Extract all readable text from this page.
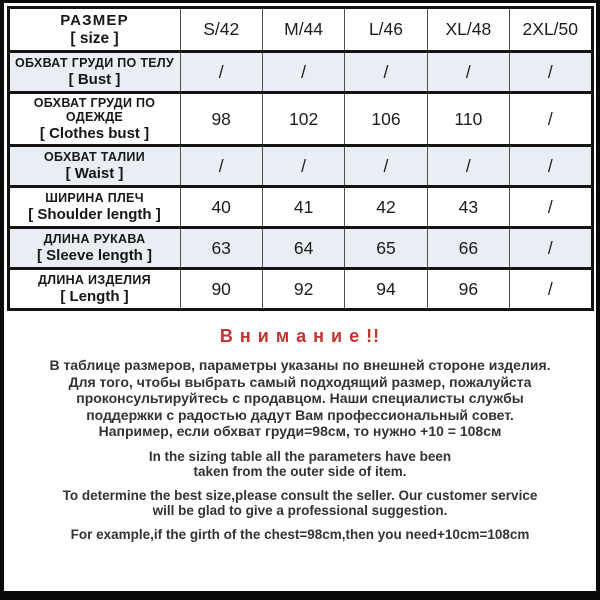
РАЗМЕР
[ size ]	S/42	M/44	L/46	XL/48	2XL/50

ОБХВАТ ГРУДИ ПО ТЕЛУ
[ Bust ]	/	/	/	/	/

ОБХВАТ ГРУДИ ПО ОДЕЖДЕ
[ Clothes bust ]	98	102	106	110	/

ОБХВАТ ТАЛИИ
[ Waist ]	/	/	/	/	/

ШИРИНА ПЛЕЧ
[ Shoulder length ]	40	41	42	43	/

ДЛИНА РУКАВА
[ Sleeve length ]	63	64	65	66	/

ДЛИНА ИЗДЕЛИЯ
[ Length ]	90	92	94	96	/
В н и м а н и е !!
В таблице размеров, параметры указаны по внешней стороне изделия.
Для того, чтобы выбрать самый подходящий размер, пожалуйста
проконсультируйтесь с продавцом. Наши специалисты службы
поддержки с радостью дадут Вам профессиональный совет.
Например, если обхват груди=98см, то нужно +10 = 108см
In the sizing table all the parameters have been
taken from the outer side of item.
To determine the best size,please consult the seller. Our customer service
will be glad to give a professional suggestion.
For example,if the girth of the chest=98cm,then you need+10cm=108cm
